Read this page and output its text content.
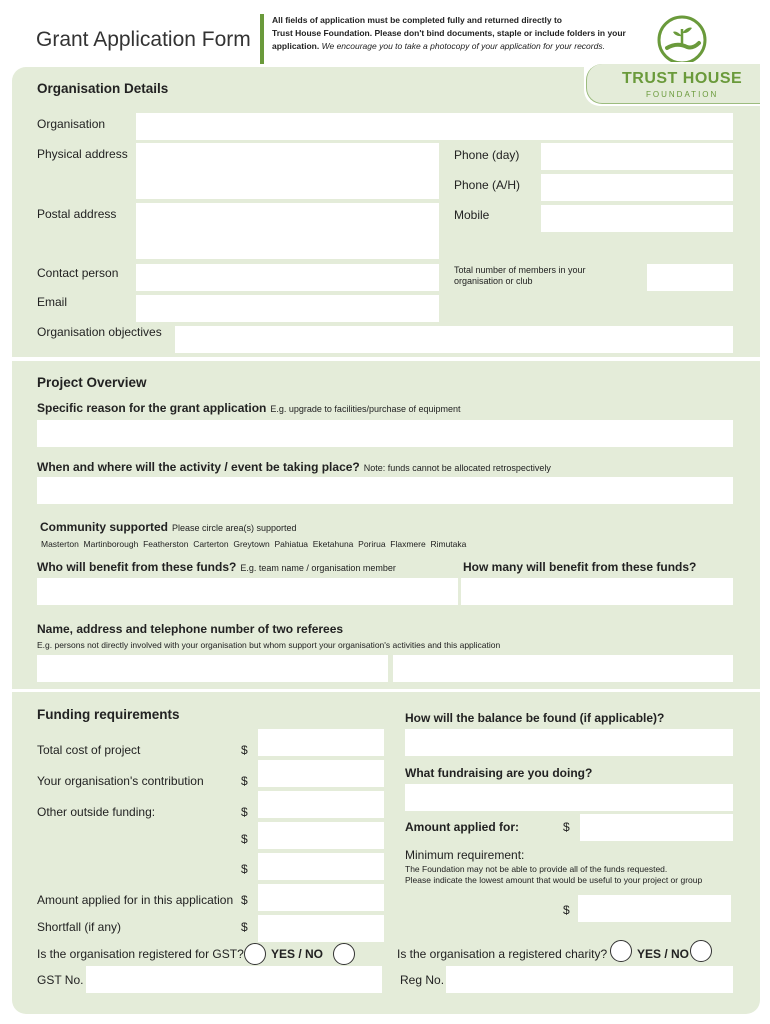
Grant Application Form
All fields of application must be completed fully and returned directly to
Trust House Foundation. Please don't bind documents, staple or include folders in your
application. We encourage you to take a photocopy of your application for your records.
TRUST HOUSE
FOUNDATION
Organisation Details
Organisation
Physical address	Phone (day)
Phone (A/H)
Postal address	Mobile
Contact person	Total number of members in your
organisation or club
Email
Organisation objectives
Project Overview
Specific reason for the grant application E.g. upgrade to facilities/purchase of equipment
When and where will the activity / event be taking place? Note: funds cannot be allocated retrospectively
Community supported Please circle area(s) supported
Masterton Martinborough Featherston Carterton Greytown Pahiatua Eketahuna Porirua Flaxmere Rimutaka
Who will benefit from these funds? E.g. team name / organisation member	How many will benefit from these funds?
Name, address and telephone number of two referees
E.g. persons not directly involved with your organisation but whom support your organisation's activities and this application
Funding requirements
Total cost of project	$
Your organisation's contribution	$
Other outside funding:	$
$
$
Amount applied for in this application $
Shortfall (if any)	$
Is the organisation registered for GST? YES / NO
GST No.
How will the balance be found (if applicable)?
What fundraising are you doing?
Amount applied for:	$
Minimum requirement:
The Foundation may not be able to provide all of the funds requested.
Please indicate the lowest amount that would be useful to your project or group
$
Is the organisation a registered charity? YES / NO
Reg No.
